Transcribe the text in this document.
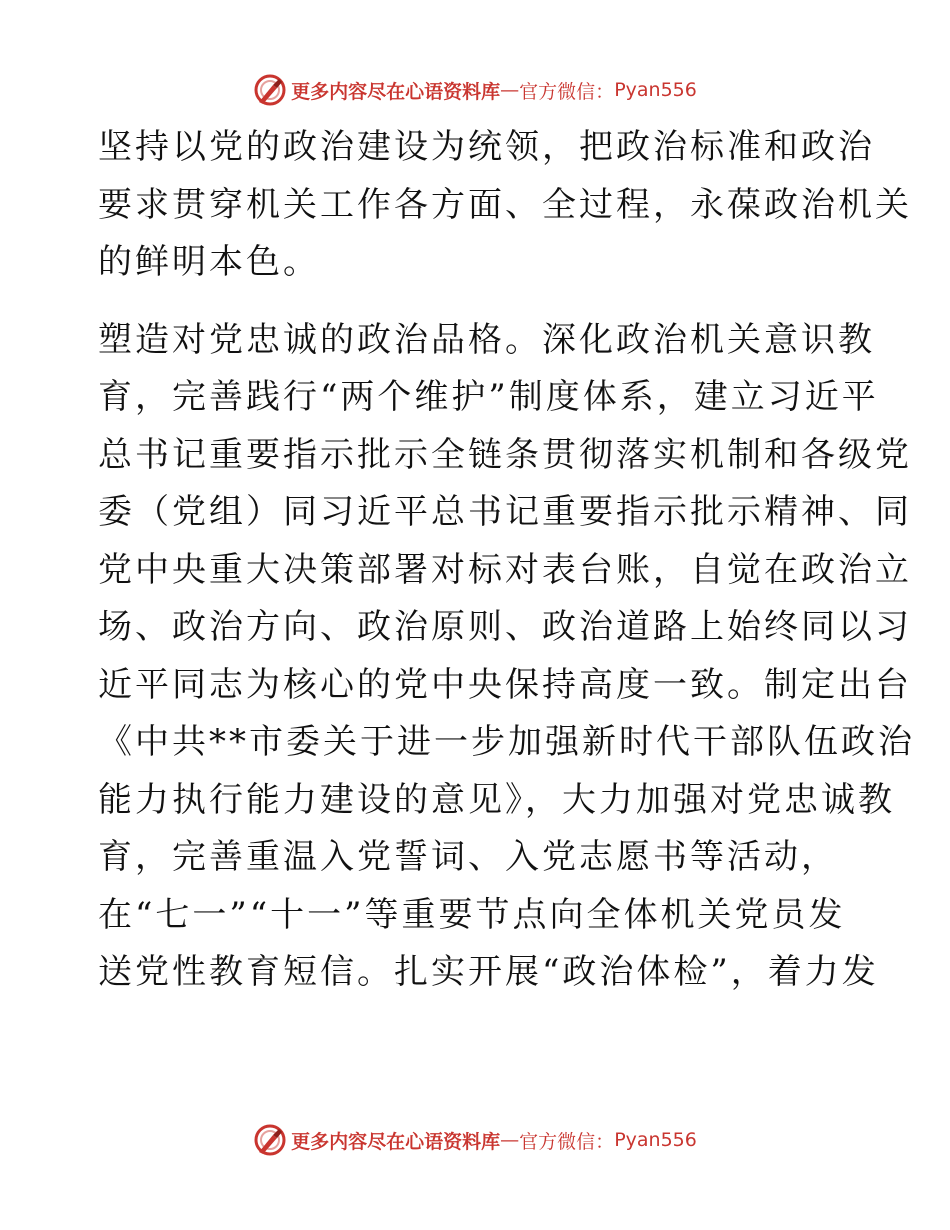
更多内容尽在心语资料库 — 官方微信： Pyan556

坚持以党的政治建设为统领，把政治标准和政治
要求贯穿机关工作各方面、全过程，永葆政治机关
的鲜明本色。

塑造对党忠诚的政治品格。深化政治机关意识教
育，完善践行“两个维护”制度体系，建立习近平
总书记重要指示批示全链条贯彻落实机制和各级党
委（党组）同习近平总书记重要指示批示精神、同
党中央重大决策部署对标对表台账，自觉在政治立
场、政治方向、政治原则、政治道路上始终同以习
近平同志为核心的党中央保持高度一致。制定出台
《中共**市委关于进一步加强新时代干部队伍政治
能力执行能力建设的意见》，大力加强对党忠诚教
育，完善重温入党誓词、入党志愿书等活动，
在“七一”“十一”等重要节点向全体机关党员发
送党性教育短信。扎实开展“政治体检”，着力发

更多内容尽在心语资料库 — 官方微信： Pyan556
